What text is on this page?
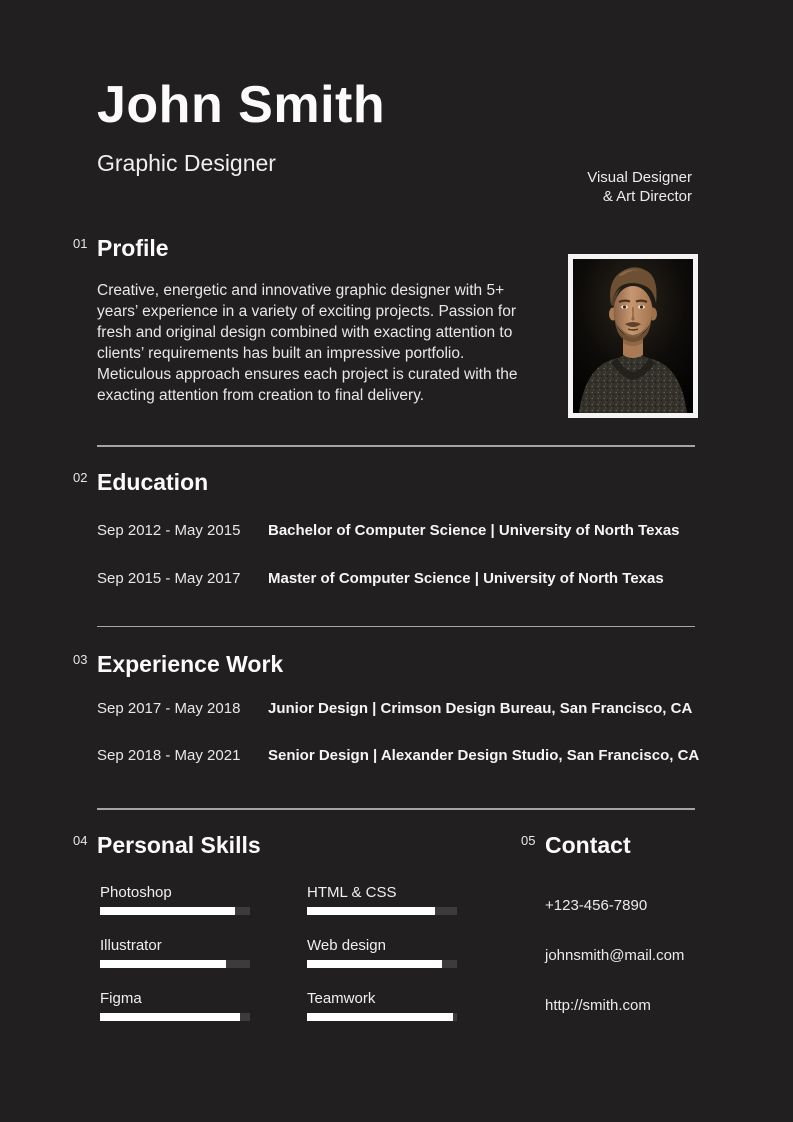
John Smith
Graphic Designer
Visual Designer
& Art Director
01 Profile

Creative, energetic and innovative graphic designer with 5+ years’ experience in a variety of exciting projects. Passion for fresh and original design combined with exacting attention to clients’ requirements has built an impressive portfolio. Meticulous approach ensures each project is curated with the exacting attention from creation to final delivery.

02 Education
Sep 2012 - May 2015	Bachelor of Computer Science | University of North Texas
Sep 2015 - May 2017	Master of Computer Science | University of North Texas
03 Experience Work
Sep 2017 - May 2018	Junior Design | Crimson Design Bureau, San Francisco, CA
Sep 2018 - May 2021	Senior Design | Alexander Design Studio, San Francisco, CA
04 Personal Skills
Photoshop	HTML & CSS
Illustrator	Web design
Figma	Teamwork
05 Contact
+123-456-7890
johnsmith@mail.com
http://smith.com
